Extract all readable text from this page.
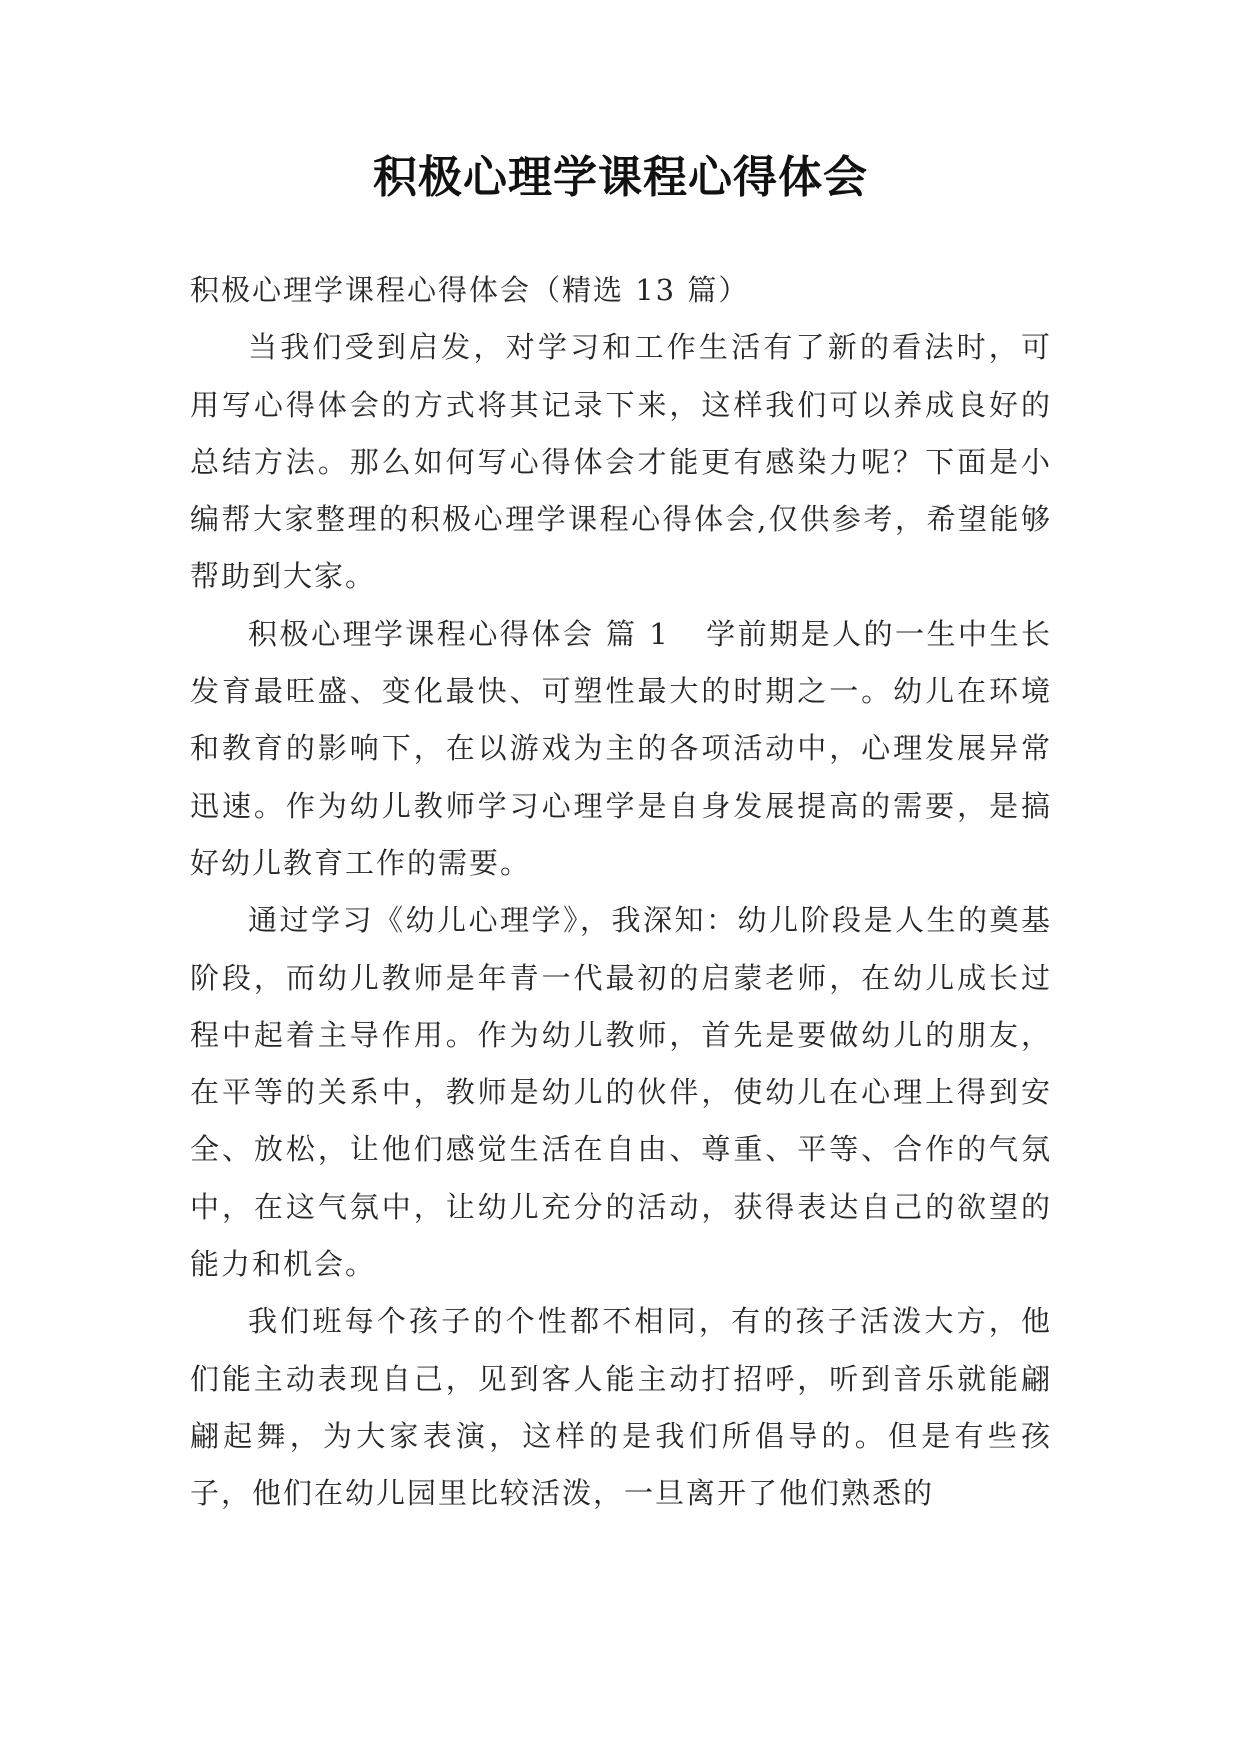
积极心理学课程心得体会

积极心理学课程心得体会（精选 13 篇）

当我们受到启发，对学习和工作生活有了新的看法时，可用写心得体会的方式将其记录下来，这样我们可以养成良好的总结方法。那么如何写心得体会才能更有感染力呢？下面是小编帮大家整理的积极心理学课程心得体会,仅供参考，希望能够帮助到大家。

积极心理学课程心得体会 篇 1 学前期是人的一生中生长发育最旺盛、变化最快、可塑性最大的时期之一。幼儿在环境和教育的影响下，在以游戏为主的各项活动中，心理发展异常迅速。作为幼儿教师学习心理学是自身发展提高的需要，是搞好幼儿教育工作的需要。

通过学习《幼儿心理学》，我深知：幼儿阶段是人生的奠基阶段，而幼儿教师是年青一代最初的启蒙老师，在幼儿成长过程中起着主导作用。作为幼儿教师，首先是要做幼儿的朋友，在平等的关系中，教师是幼儿的伙伴，使幼儿在心理上得到安全、放松，让他们感觉生活在自由、尊重、平等、合作的气氛中，在这气氛中，让幼儿充分的活动，获得表达自己的欲望的能力和机会。

我们班每个孩子的个性都不相同，有的孩子活泼大方，他们能主动表现自己，见到客人能主动打招呼，听到音乐就能翩翩起舞，为大家表演，这样的是我们所倡导的。但是有些孩子，他们在幼儿园里比较活泼，一旦离开了他们熟悉的
